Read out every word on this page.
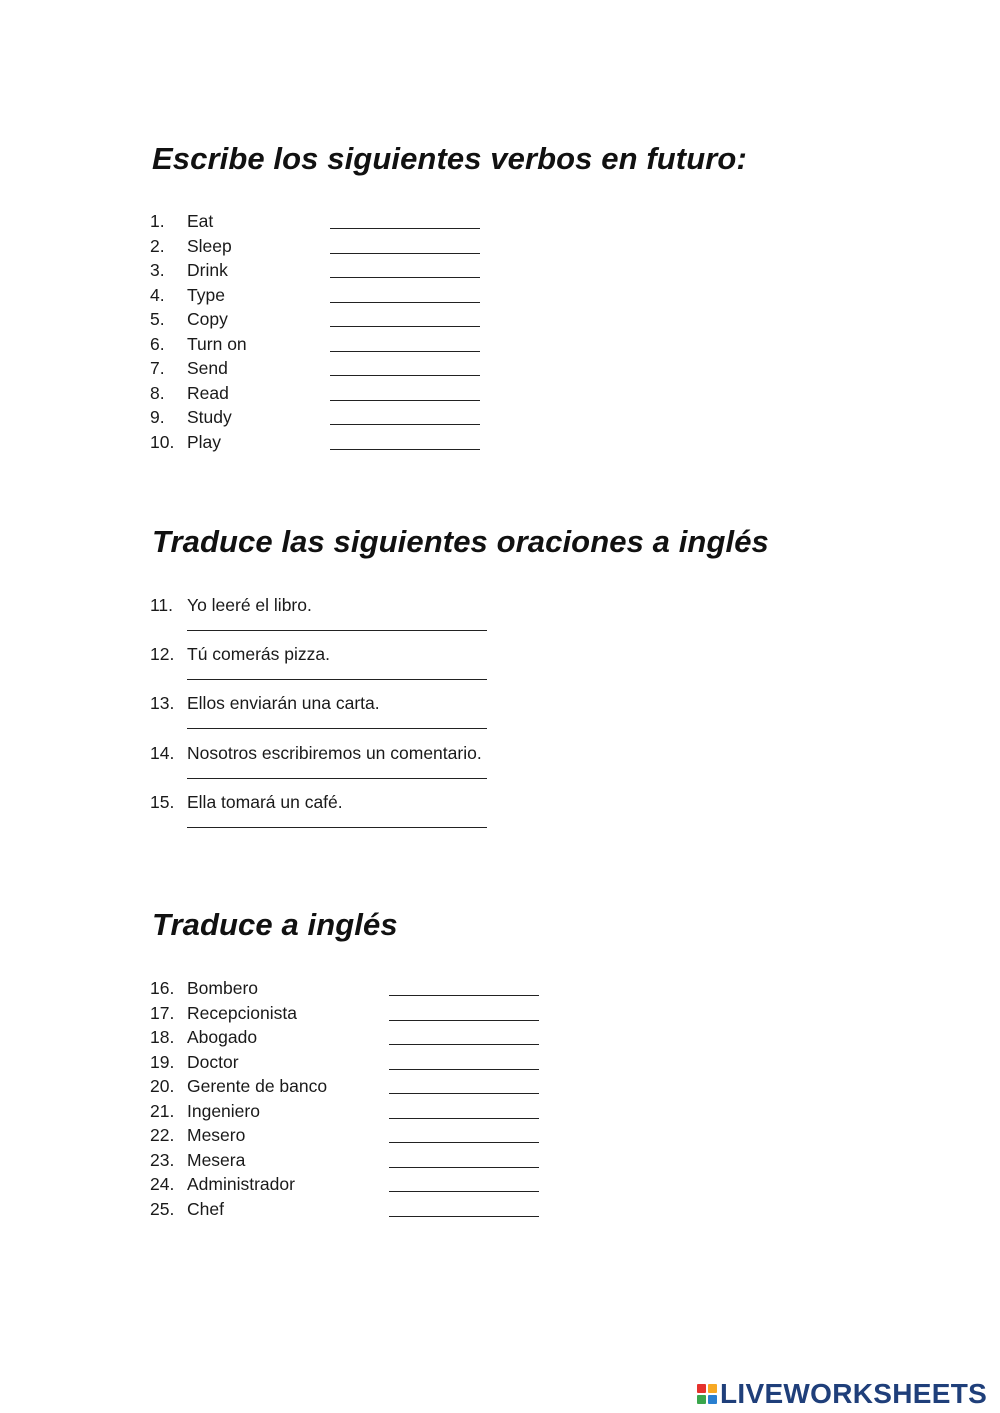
Escribe los siguientes verbos en futuro:
1. Eat
2. Sleep
3. Drink
4. Type
5. Copy
6. Turn on
7. Send
8. Read
9. Study
10. Play
Traduce las siguientes oraciones a inglés
11. Yo leeré el libro.
12. Tú comerás pizza.
13. Ellos enviarán una carta.
14. Nosotros escribiremos un comentario.
15. Ella tomará un café.
Traduce a inglés
16. Bombero
17. Recepcionista
18. Abogado
19. Doctor
20. Gerente de banco
21. Ingeniero
22. Mesero
23. Mesera
24. Administrador
25. Chef
LIVEWORKSHEETS
